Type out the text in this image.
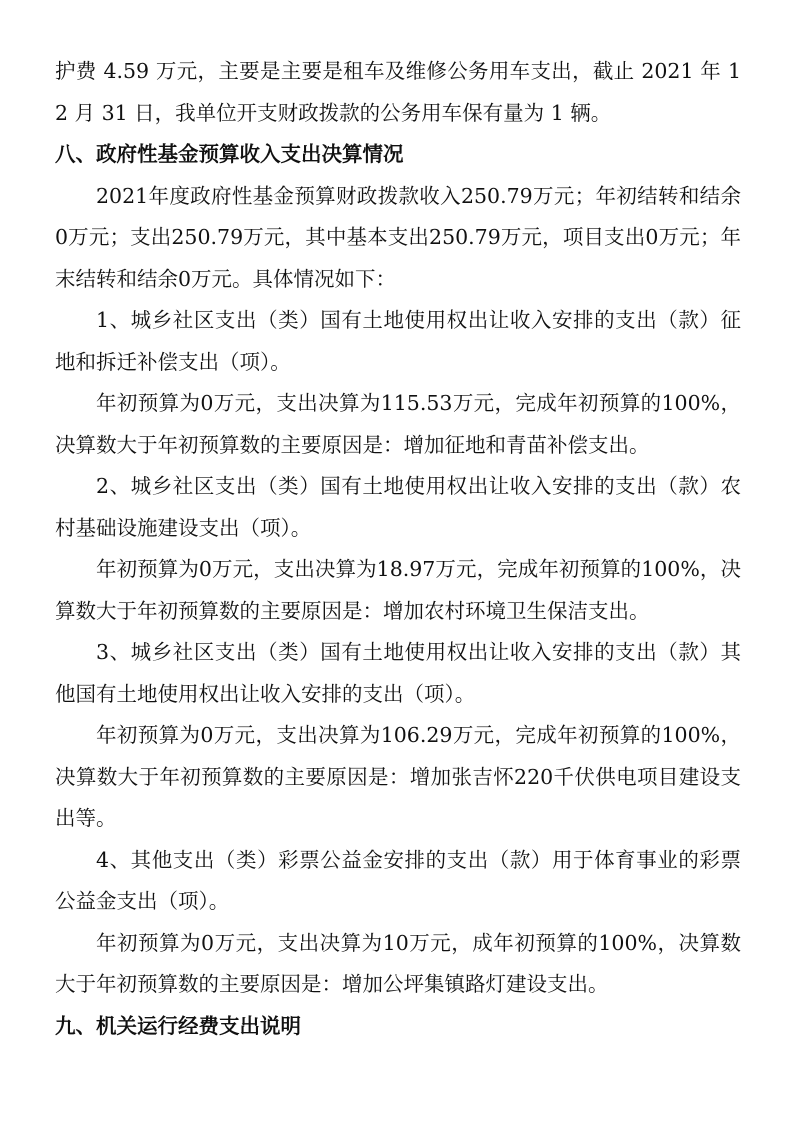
护费 4.59 万元，主要是主要是租车及维修公务用车支出，截止 2021 年 12 月 31 日，我单位开支财政拨款的公务用车保有量为 1 辆。

八、政府性基金预算收入支出决算情况

2021年度政府性基金预算财政拨款收入250.79万元；年初结转和结余0万元；支出250.79万元，其中基本支出250.79万元，项目支出0万元；年末结转和结余0万元。具体情况如下：

1、城乡社区支出（类）国有土地使用权出让收入安排的支出（款）征地和拆迁补偿支出（项）。

年初预算为0万元，支出决算为115.53万元，完成年初预算的100%，决算数大于年初预算数的主要原因是：增加征地和青苗补偿支出。

2、城乡社区支出（类）国有土地使用权出让收入安排的支出（款）农村基础设施建设支出（项）。

年初预算为0万元，支出决算为18.97万元，完成年初预算的100%，决算数大于年初预算数的主要原因是：增加农村环境卫生保洁支出。

3、城乡社区支出（类）国有土地使用权出让收入安排的支出（款）其他国有土地使用权出让收入安排的支出（项）。

年初预算为0万元，支出决算为106.29万元，完成年初预算的100%，决算数大于年初预算数的主要原因是：增加张吉怀220千伏供电项目建设支出等。

4、其他支出（类）彩票公益金安排的支出（款）用于体育事业的彩票公益金支出（项）。

年初预算为0万元，支出决算为10万元，成年初预算的100%，决算数大于年初预算数的主要原因是：增加公坪集镇路灯建设支出。

九、机关运行经费支出说明
